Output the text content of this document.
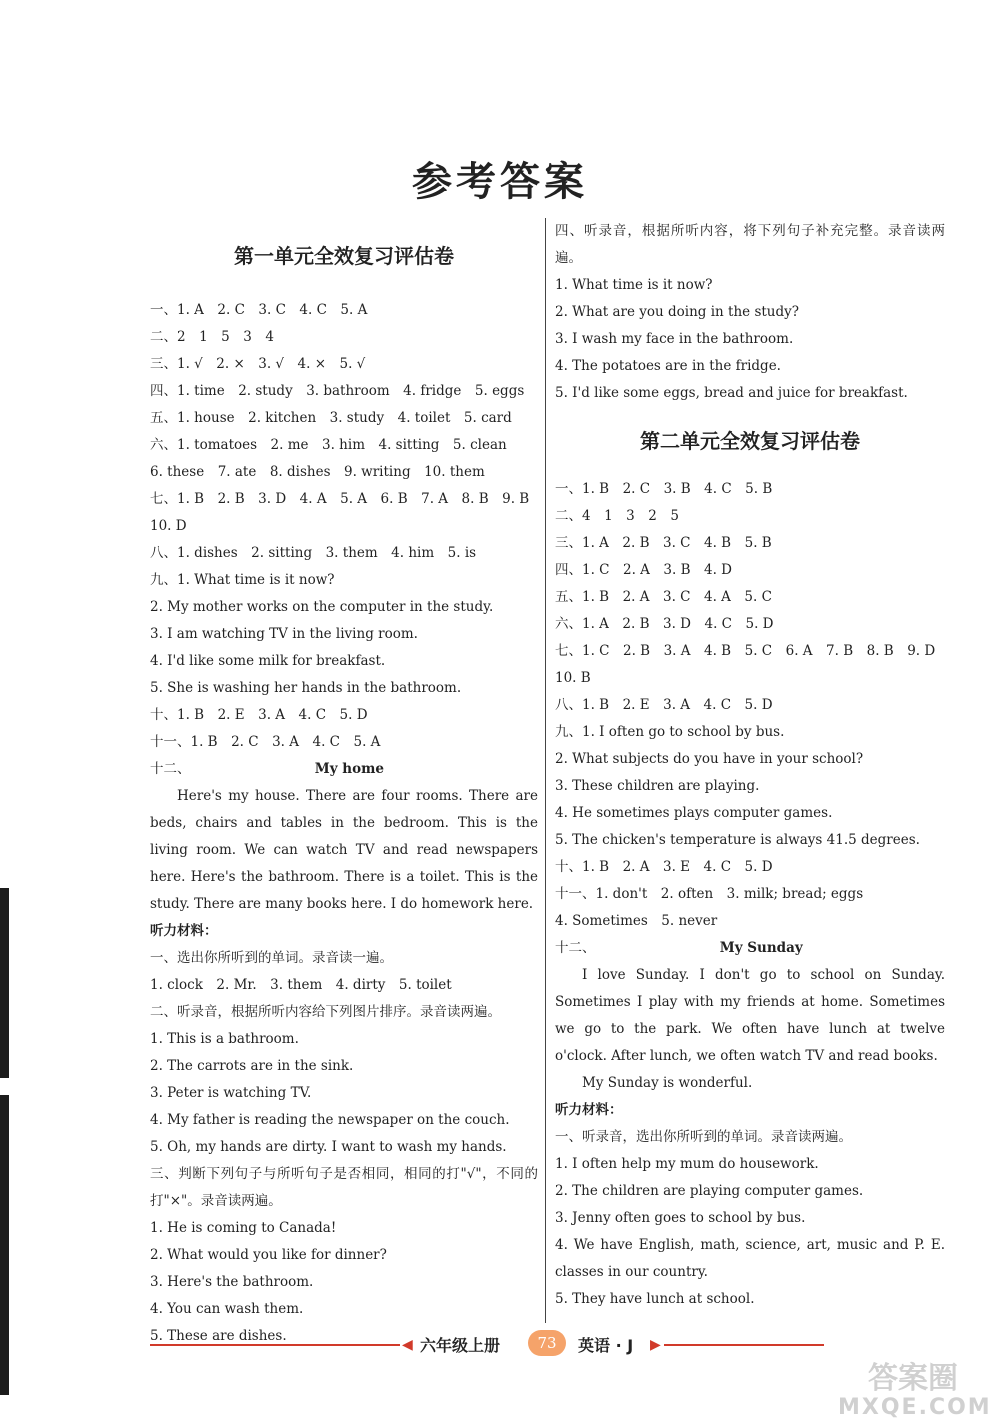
参考答案
第一单元全效复习评估卷
一、1. A　2. C　3. C　4. C　5. A
二、2　1　5　3　4
三、1. √　2. ×　3. √　4. ×　5. √
四、1. time　2. study　3. bathroom　4. fridge　5. eggs
五、1. house　2. kitchen　3. study　4. toilet　5. card
六、1. tomatoes　2. me　3. him　4. sitting　5. clean
6. these　7. ate　8. dishes　9. writing　10. them
七、1. B　2. B　3. D　4. A　5. A　6. B　7. A　8. B　9. B
10. D
八、1. dishes　2. sitting　3. them　4. him　5. is
九、1. What time is it now?
2. My mother works on the computer in the study.
3. I am watching TV in the living room.
4. I'd like some milk for breakfast.
5. She is washing her hands in the bathroom.
十、1. B　2. E　3. A　4. C　5. D
十一、1. B　2. C　3. A　4. C　5. A
十二、	My home
Here's my house. There are four rooms. There are beds, chairs and tables in the bedroom. This is the living room. We can watch TV and read newspapers here. Here's the bathroom. There is a toilet. This is the study. There are many books here. I do homework here.
听力材料：
一、选出你所听到的单词。录音读一遍。
1. clock　2. Mr.　3. them　4. dirty　5. toilet
二、听录音，根据所听内容给下列图片排序。录音读两遍。
1. This is a bathroom.
2. The carrots are in the sink.
3. Peter is watching TV.
4. My father is reading the newspaper on the couch.
5. Oh, my hands are dirty. I want to wash my hands.
三、判断下列句子与所听句子是否相同，相同的打"√"，不同的打"×"。录音读两遍。
1. He is coming to Canada!
2. What would you like for dinner?
3. Here's the bathroom.
4. You can wash them.
5. These are dishes.
四、听录音，根据所听内容，将下列句子补充完整。录音读两遍。
1. What time is it now?
2. What are you doing in the study?
3. I wash my face in the bathroom.
4. The potatoes are in the fridge.
5. I'd like some eggs, bread and juice for breakfast.
第二单元全效复习评估卷
一、1. B　2. C　3. B　4. C　5. B
二、4　1　3　2　5
三、1. A　2. B　3. C　4. B　5. B
四、1. C　2. A　3. B　4. D
五、1. B　2. A　3. C　4. A　5. C
六、1. A　2. B　3. D　4. C　5. D
七、1. C　2. B　3. A　4. B　5. C　6. A　7. B　8. B　9. D
10. B
八、1. B　2. E　3. A　4. C　5. D
九、1. I often go to school by bus.
2. What subjects do you have in your school?
3. These children are playing.
4. He sometimes plays computer games.
5. The chicken's temperature is always 41.5 degrees.
十、1. B　2. A　3. E　4. C　5. D
十一、1. don't　2. often　3. milk; bread; eggs
4. Sometimes　5. never
十二、	My Sunday
I love Sunday. I don't go to school on Sunday. Sometimes I play with my friends at home. Sometimes we go to the park. We often have lunch at twelve o'clock. After lunch, we often watch TV and read books.
My Sunday is wonderful.
听力材料：
一、听录音，选出你所听到的单词。录音读两遍。
1. I often help my mum do housework.
2. The children are playing computer games.
3. Jenny often goes to school by bus.
4. We have English, math, science, art, music and P. E. classes in our country.
5. They have lunch at school.
◀ 六年级上册	73	英语 · J ▶
答案圈
MXQE.COM
